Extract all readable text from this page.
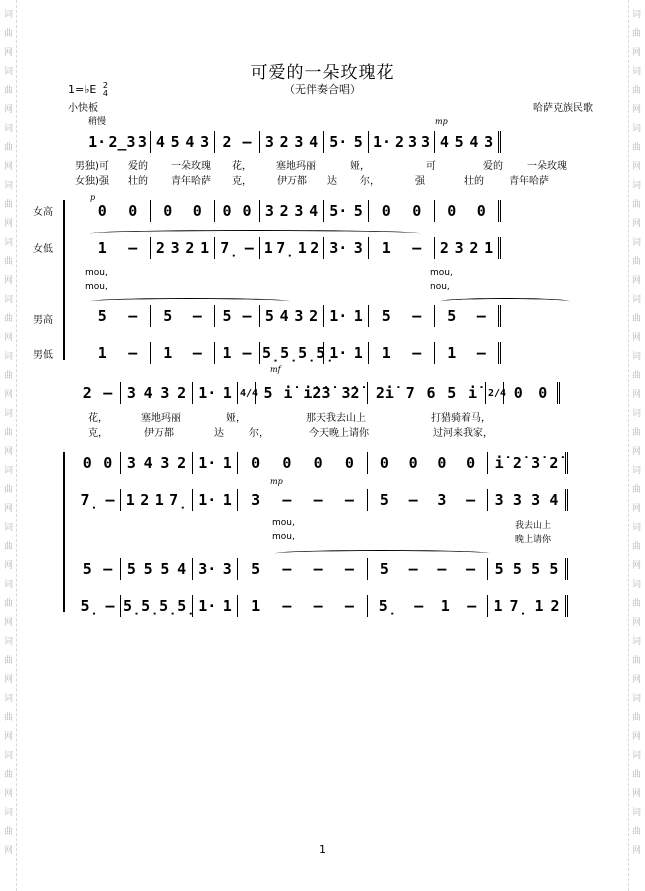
词
曲
网
词
曲
网
词
曲
网
词
曲
网
词
曲
网
词
曲
网
词
曲
网
词
曲
网
词
曲
网
词
曲
网
词
曲
网
词
曲
网
词
曲
网
词
曲
网
词
曲
网
词
曲
网
词
曲
网
词
曲
网
词
曲
网
词
曲
网
词
曲
网
词
曲
网
词
曲
网
词
曲
网
词
曲
网
词
曲
网
词
曲
网
词
曲
网
词
曲
网
词
曲
网
可爱的一朵玫瑰花
（无伴奏合唱）
1=♭E 2
4
小快板
稍慢
哈萨克族民歌
mp
1· 2̲3 3 4 5 4 3 2 – 3 2 3 4 5· 5 1· 2 3 3 4 5 4 3
男独)可	爱的	一朵玫瑰	花，	塞地玛丽	娅，	可	爱的	一朵玫瑰
女独)强	壮的	青年哈萨	克，	伊万都	达	尔，	强	壮的	青年哈萨
女高
女低
男高
男低
p
0 0 0 0 0 0 3 2 3 4 5· 5 0 0 0 0
1 – 2 3 2 1 7̣ – 1 7̣ 1 2 3· 3 1 – 2 3 2 1
mou,
mou,
mou,
nou,
5 – 5 – 5 – 5 4 3 2 1· 1 5 – 5 –
1 – 1 – 1 – 5̣ 5̣ 5̣ 5̣
1· 1 1 – 1 –
mf
2 – 3 4 3 2 1· 1 4/4 5 i̇ i̇2̇3̇ 3̇2̇ 2̇i̇ 7 6 5 i̇ 2/4 0 0
花，	塞地玛丽	娅，	那天我去山上	打猎骑着马，
克，	伊万都	达	尔，	今天晚上请你	过河来我家，
0 0 3 4 3 2 1· 1 0 0 0 0 0 0 0 0 i̇ 2̇ 3̇ 2̇
mp
7̣ – 1 2 1 7̣ 1· 1 3 – – – 5 – 3 – 3 3 3 4
mou,
mou,
我去山上
晚上请你
5 – 5 5 5 4 3· 3 5 – – – 5 – – – 5 5 5 5
5̣ – 5̣ 5̣ 5̣ 5̣ 1· 1 1 – – – 5̣ – 1 – 1 7̣ 1 2
1
